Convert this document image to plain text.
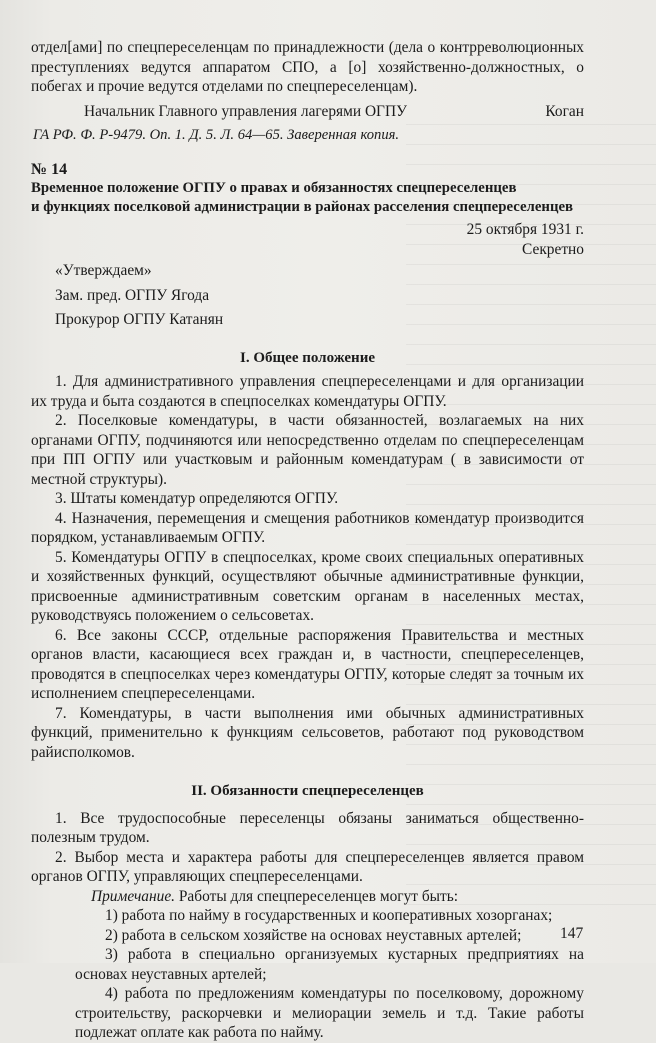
отдел[ами] по спецпереселенцам по принадлежности (дела о контрреволюционных преступлениях ведутся аппаратом СПО, а [о] хозяйственно-должностных, о побегах и прочие ведутся отделами по спецпереселенцам).

Начальник Главного управления лагерями ОГПУ	Коган

ГА РФ. Ф. Р-9479. Оп. 1. Д. 5. Л. 64—65. Заверенная копия.

№ 14

Временное положение ОГПУ о правах и обязанностях спецпереселенцев

и функциях поселковой администрации в районах расселения спецпереселенцев

25 октября 1931 г.

Секретно

«Утверждаем»

Зам. пред. ОГПУ Ягода

Прокурор ОГПУ Катанян

I. Общее положение

1. Для административного управления спецпереселенцами и для организации их труда и быта создаются в спецпоселках комендатуры ОГПУ.

2. Поселковые комендатуры, в части обязанностей, возлагаемых на них органами ОГПУ, подчиняются или непосредственно отделам по спецпереселенцам при ПП ОГПУ или участковым и районным комендатурам ( в зависимости от местной структуры).

3. Штаты комендатур определяются ОГПУ.

4. Назначения, перемещения и смещения работников комендатур производится порядком, устанавливаемым ОГПУ.

5. Комендатуры ОГПУ в спецпоселках, кроме своих специальных оперативных и хозяйственных функций, осуществляют обычные административные функции, присвоенные административным советским органам в населенных местах, руководствуясь положением о сельсоветах.

6. Все законы СССР, отдельные распоряжения Правительства и местных органов власти, касающиеся всех граждан и, в частности, спецпереселенцев, проводятся в спецпоселках через комендатуры ОГПУ, которые следят за точным их исполнением спецпереселенцами.

7. Комендатуры, в части выполнения ими обычных административных функций, применительно к функциям сельсоветов, работают под руководством райисполкомов.

II. Обязанности спецпереселенцев

1. Все трудоспособные переселенцы обязаны заниматься общественно-полезным трудом.

2. Выбор места и характера работы для спецпереселенцев является правом органов ОГПУ, управляющих спецпереселенцами.

Примечание. Работы для спецпереселенцев могут быть:

1) работа по найму в государственных и кооперативных хозорганах;

2) работа в сельском хозяйстве на основах неуставных артелей;

3) работа в специально организуемых кустарных предприятиях на основах неуставных артелей;

4) работа по предложениям комендатуры по поселковому, дорожному строительству, раскорчевки и мелиорации земель и т.д. Такие работы подлежат оплате как работа по найму.

147
